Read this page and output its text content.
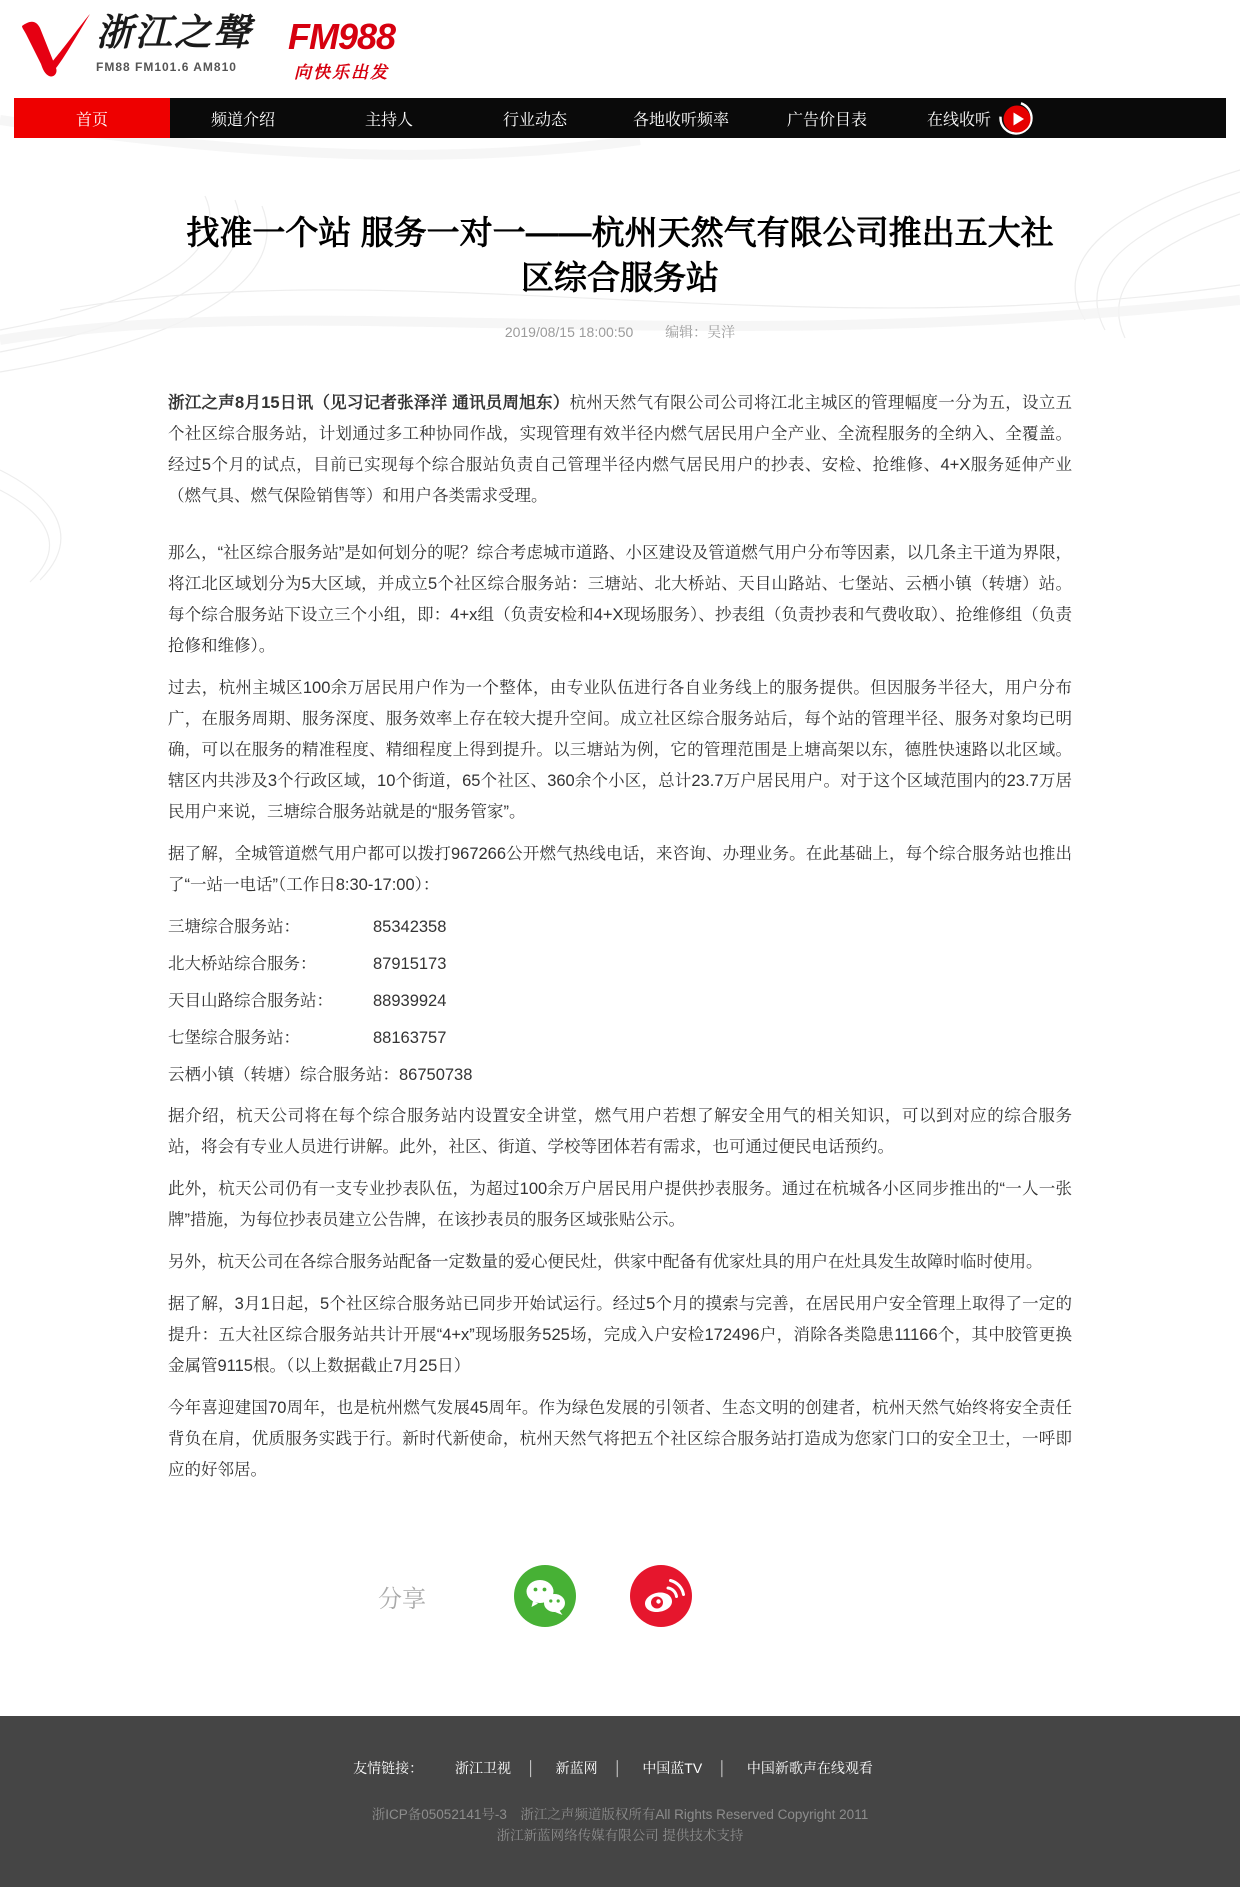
浙江之聲
FM88 FM101.6 AM810
FM988
向快乐出发
首页	频道介绍	主持人	行业动态	各地收听频率	广告价目表	在线收听
找准一个站 服务一对一——杭州天然气有限公司推出五大社区综合服务站
2019/08/15 18:00:50 编辑：吴洋

浙江之声8月15日讯（见习记者张泽洋 通讯员周旭东）杭州天然气有限公司公司将江北主城区的管理幅度一分为五，设立五个社区综合服务站，计划通过多工种协同作战，实现管理有效半径内燃气居民用户全产业、全流程服务的全纳入、全覆盖。经过5个月的试点，目前已实现每个综合服站负责自己管理半径内燃气居民用户的抄表、安检、抢维修、4+X服务延伸产业（燃气具、燃气保险销售等）和用户各类需求受理。

那么，“社区综合服务站”是如何划分的呢？综合考虑城市道路、小区建设及管道燃气用户分布等因素，以几条主干道为界限，将江北区域划分为5大区域，并成立5个社区综合服务站：三塘站、北大桥站、天目山路站、七堡站、云栖小镇（转塘）站。每个综合服务站下设立三个小组，即：4+x组（负责安检和4+X现场服务）、抄表组（负责抄表和气费收取）、抢维修组（负责抢修和维修）。

过去，杭州主城区100余万居民用户作为一个整体，由专业队伍进行各自业务线上的服务提供。但因服务半径大，用户分布广，在服务周期、服务深度、服务效率上存在较大提升空间。成立社区综合服务站后，每个站的管理半径、服务对象均已明确，可以在服务的精准程度、精细程度上得到提升。以三塘站为例，它的管理范围是上塘高架以东，德胜快速路以北区域。辖区内共涉及3个行政区域，10个街道，65个社区、360余个小区，总计23.7万户居民用户。对于这个区域范围内的23.7万居民用户来说，三塘综合服务站就是的“服务管家”。

据了解，全城管道燃气用户都可以拨打967266公开燃气热线电话，来咨询、办理业务。在此基础上，每个综合服务站也推出了“一站一电话”（工作日8:30-17:00）：

三塘综合服务站：	85342358
北大桥站综合服务：	87915173
天目山路综合服务站： 88939924
七堡综合服务站：	88163757
云栖小镇（转塘）综合服务站：86750738

据介绍，杭天公司将在每个综合服务站内设置安全讲堂，燃气用户若想了解安全用气的相关知识，可以到对应的综合服务站，将会有专业人员进行讲解。此外，社区、街道、学校等团体若有需求，也可通过便民电话预约。

此外，杭天公司仍有一支专业抄表队伍，为超过100余万户居民用户提供抄表服务。通过在杭城各小区同步推出的“一人一张牌”措施，为每位抄表员建立公告牌，在该抄表员的服务区域张贴公示。

另外，杭天公司在各综合服务站配备一定数量的爱心便民灶，供家中配备有优家灶具的用户在灶具发生故障时临时使用。

据了解，3月1日起，5个社区综合服务站已同步开始试运行。经过5个月的摸索与完善，在居民用户安全管理上取得了一定的提升：五大社区综合服务站共计开展“4+x”现场服务525场，完成入户安检172496户，消除各类隐患11166个，其中胶管更换金属管9115根。（以上数据截止7月25日）

今年喜迎建国70周年，也是杭州燃气发展45周年。作为绿色发展的引领者、生态文明的创建者，杭州天然气始终将安全责任背负在肩，优质服务实践于行。新时代新使命，杭州天然气将把五个社区综合服务站打造成为您家门口的安全卫士，一呼即应的好邻居。

分享
友情链接： 浙江卫视 │ 新蓝网 │ 中国蓝TV │ 中国新歌声在线观看
浙ICP备05052141号-3　浙江之声频道版权所有All Rights Reserved Copyright 2011
浙江新蓝网络传媒有限公司 提供技术支持
